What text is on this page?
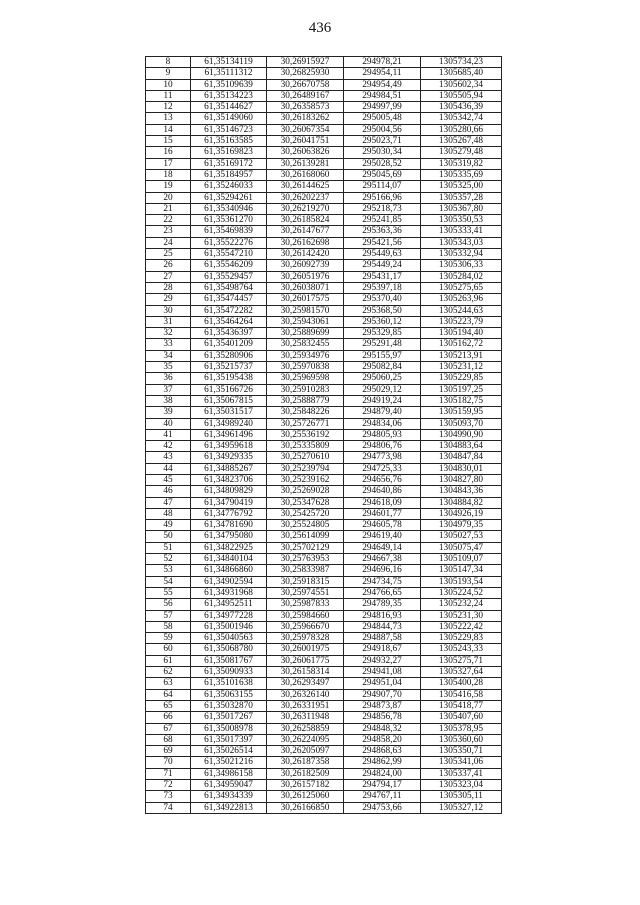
436
8	61,35134119	30,26915927	294978,21	1305734,23
9	61,35111312	30,26825930	294954,11	1305685,40
10	61,35109639	30,26670758	294954,49	1305602,34
11	61,35134223	30,26489167	294984,51	1305505,94
12	61,35144627	30,26358573	294997,99	1305436,39
13	61,35149060	30,26183262	295005,48	1305342,74
14	61,35146723	30,26067354	295004,56	1305280,66
15	61,35163585	30,26041751	295023,71	1305267,48
16	61,35169823	30,26063826	295030,34	1305279,48
17	61,35169172	30,26139281	295028,52	1305319,82
18	61,35184957	30,26168060	295045,69	1305335,69
19	61,35246033	30,26144625	295114,07	1305325,00
20	61,35294261	30,26202237	295166,96	1305357,28
21	61,35340946	30,26219270	295218,73	1305367,80
22	61,35361270	30,26185824	295241,85	1305350,53
23	61,35469839	30,26147677	295363,36	1305333,41
24	61,35522276	30,26162698	295421,56	1305343,03
25	61,35547210	30,26142420	295449,63	1305332,94
26	61,35546209	30,26092739	295449,24	1305306,33
27	61,35529457	30,26051976	295431,17	1305284,02
28	61,35498764	30,26038071	295397,18	1305275,65
29	61,35474457	30,26017575	295370,40	1305263,96
30	61,35472282	30,25981570	295368,50	1305244,63
31	61,35464264	30,25943061	295360,12	1305223,79
32	61,35436397	30,25889699	295329,85	1305194,40
33	61,35401209	30,25832455	295291,48	1305162,72
34	61,35280906	30,25934976	295155,97	1305213,91
35	61,35215737	30,25970838	295082,84	1305231,12
36	61,35195438	30,25969598	295060,25	1305229,85
37	61,35166726	30,25910283	295029,12	1305197,25
38	61,35067815	30,25888779	294919,24	1305182,75
39	61,35031517	30,25848226	294879,40	1305159,95
40	61,34989240	30,25726771	294834,06	1305093,70
41	61,34961496	30,25536192	294805,93	1304990,90
42	61,34959618	30,25335809	294806,76	1304883,64
43	61,34929335	30,25270610	294773,98	1304847,84
44	61,34885267	30,25239794	294725,33	1304830,01
45	61,34823706	30,25239162	294656,76	1304827,80
46	61,34809829	30,25269028	294640,86	1304843,36
47	61,34790419	30,25347628	294618,09	1304884,82
48	61,34776792	30,25425720	294601,77	1304926,19
49	61,34781690	30,25524805	294605,78	1304979,35
50	61,34795080	30,25614099	294619,40	1305027,53
51	61,34822925	30,25702129	294649,14	1305075,47
52	61,34840104	30,25763953	294667,38	1305109,07
53	61,34866860	30,25833987	294696,16	1305147,34
54	61,34902594	30,25918315	294734,75	1305193,54
55	61,34931968	30,25974551	294766,65	1305224,52
56	61,34952511	30,25987833	294789,35	1305232,24
57	61,34977228	30,25984660	294816,93	1305231,30
58	61,35001946	30,25966670	294844,73	1305222,42
59	61,35040563	30,25978328	294887,58	1305229,83
60	61,35068780	30,26001975	294918,67	1305243,33
61	61,35081767	30,26061775	294932,27	1305275,71
62	61,35090933	30,26158314	294941,08	1305327,64
63	61,35101638	30,26293497	294951,04	1305400,28
64	61,35063155	30,26326140	294907,70	1305416,58
65	61,35032870	30,26331951	294873,87	1305418,77
66	61,35017267	30,26311948	294856,78	1305407,60
67	61,35008978	30,26258859	294848,32	1305378,95
68	61,35017397	30,26224095	294858,20	1305360,60
69	61,35026514	30,26205097	294868,63	1305350,71
70	61,35021216	30,26187358	294862,99	1305341,06
71	61,34986158	30,26182509	294824,00	1305337,41
72	61,34959047	30,26157182	294794,17	1305323,04
73	61,34934339	30,26125060	294767,11	1305305,11
74	61,34922813	30,26166850	294753,66	1305327,12
